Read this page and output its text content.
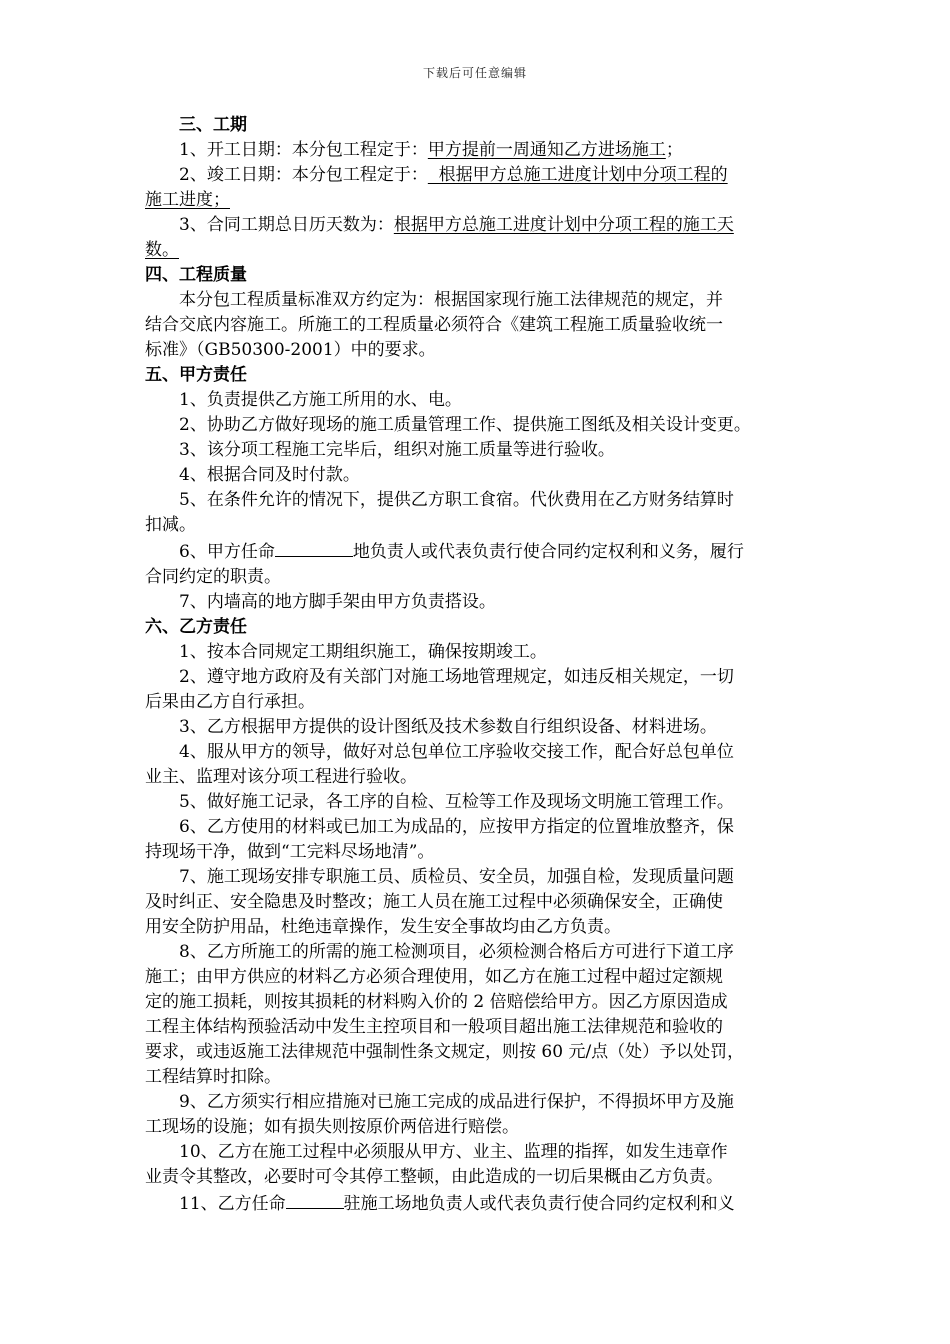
下载后可任意编辑

三、工期

1、开工日期：本分包工程定于：甲方提前一周通知乙方进场施工；

2、竣工日期：本分包工程定于：  根据甲方总施工进度计划中分项工程的

施工进度；

3、合同工期总日历天数为：根据甲方总施工进度计划中分项工程的施工天

数。

四、工程质量

本分包工程质量标准双方约定为：根据国家现行施工法律规范的规定，并

结合交底内容施工。所施工的工程质量必须符合《建筑工程施工质量验收统一

标准》（GB50300-2001）中的要求。

五、甲方责任

1、负责提供乙方施工所用的水、电。

2、协助乙方做好现场的施工质量管理工作、提供施工图纸及相关设计变更。

3、该分项工程施工完毕后，组织对施工质量等进行验收。

4、根据合同及时付款。

5、在条件允许的情况下，提供乙方职工食宿。代伙费用在乙方财务结算时

扣减。

6、甲方任命	地负责人或代表负责行使合同约定权利和义务，履行

合同约定的职责。

7、内墙高的地方脚手架由甲方负责搭设。

六、乙方责任

1、按本合同规定工期组织施工，确保按期竣工。

2、遵守地方政府及有关部门对施工场地管理规定，如违反相关规定，一切

后果由乙方自行承担。

3、乙方根据甲方提供的设计图纸及技术参数自行组织设备、材料进场。

4、服从甲方的领导，做好对总包单位工序验收交接工作，配合好总包单位

业主、监理对该分项工程进行验收。

5、做好施工记录，各工序的自检、互检等工作及现场文明施工管理工作。

6、乙方使用的材料或已加工为成品的，应按甲方指定的位置堆放整齐，保

持现场干净，做到“工完料尽场地清”。

7、施工现场安排专职施工员、质检员、安全员，加强自检，发现质量问题

及时纠正、安全隐患及时整改；施工人员在施工过程中必须确保安全，正确使

用安全防护用品，杜绝违章操作，发生安全事故均由乙方负责。

8、乙方所施工的所需的施工检测项目，必须检测合格后方可进行下道工序

施工；由甲方供应的材料乙方必须合理使用，如乙方在施工过程中超过定额规

定的施工损耗，则按其损耗的材料购入价的 2 倍赔偿给甲方。因乙方原因造成

工程主体结构预验活动中发生主控项目和一般项目超出施工法律规范和验收的

要求，或违返施工法律规范中强制性条文规定，则按 60 元/点（处）予以处罚，

工程结算时扣除。

9、乙方须实行相应措施对已施工完成的成品进行保护，不得损坏甲方及施

工现场的设施；如有损失则按原价两倍进行赔偿。

10、乙方在施工过程中必须服从甲方、业主、监理的指挥，如发生违章作

业责令其整改，必要时可令其停工整顿，由此造成的一切后果概由乙方负责。

11、乙方任命	驻施工场地负责人或代表负责行使合同约定权利和义
